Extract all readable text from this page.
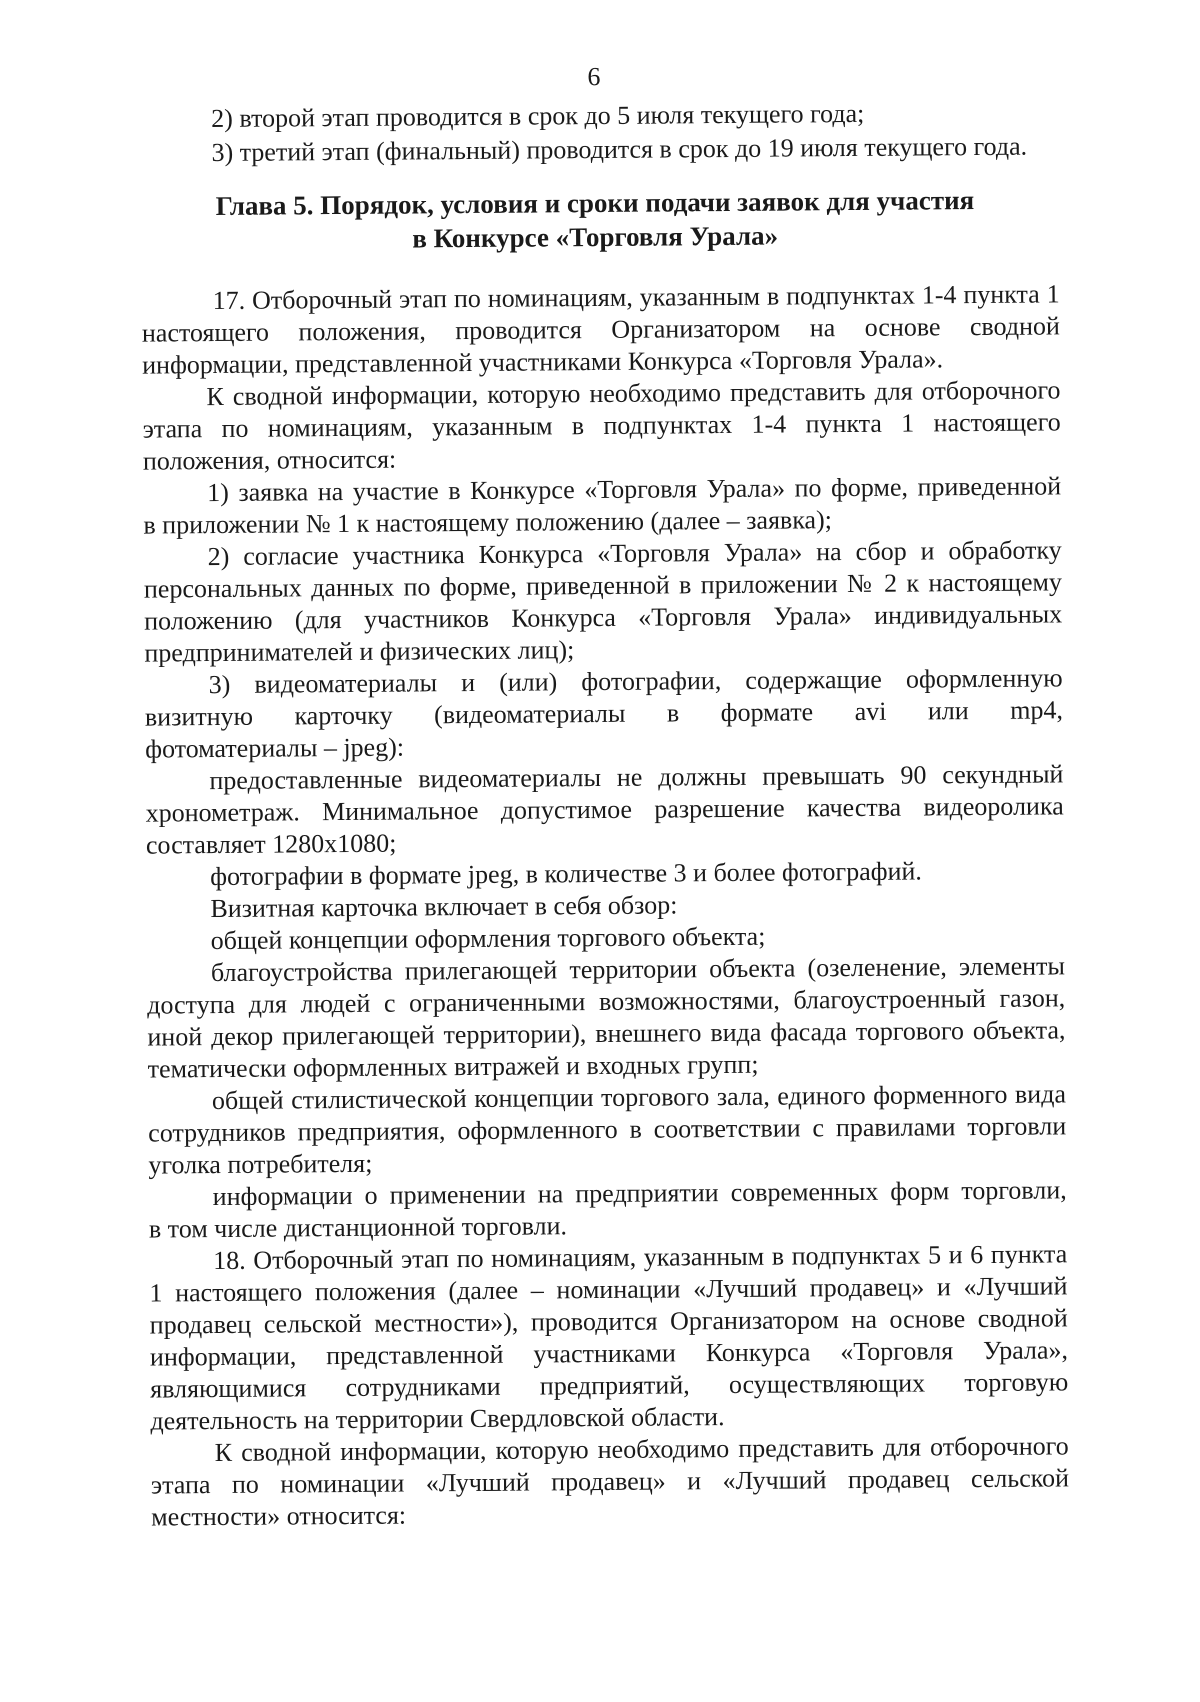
6
2) второй этап проводится в срок до 5 июля текущего года;
3) третий этап (финальный) проводится в срок до 19 июля текущего года.
Глава 5. Порядок, условия и сроки подачи заявок для участия
в Конкурсе «Торговля Урала»
17. Отборочный этап по номинациям, указанным в подпунктах 1-4 пункта 1
настоящего положения, проводится Организатором на основе сводной
информации, представленной участниками Конкурса «Торговля Урала».
К сводной информации, которую необходимо представить для отборочного
этапа по номинациям, указанным в подпунктах 1-4 пункта 1 настоящего
положения, относится:
1) заявка на участие в Конкурсе «Торговля Урала» по форме, приведенной
в приложении № 1 к настоящему положению (далее – заявка);
2) согласие участника Конкурса «Торговля Урала» на сбор и обработку
персональных данных по форме, приведенной в приложении № 2 к настоящему
положению (для участников Конкурса «Торговля Урала» индивидуальных
предпринимателей и физических лиц);
3) видеоматериалы и (или) фотографии, содержащие оформленную
визитную карточку (видеоматериалы в формате avi или mp4,
фотоматериалы – jpeg):
предоставленные видеоматериалы не должны превышать 90 секундный
хронометраж. Минимальное допустимое разрешение качества видеоролика
составляет 1280х1080;
фотографии в формате jpeg, в количестве 3 и более фотографий.
Визитная карточка включает в себя обзор:
общей концепции оформления торгового объекта;
благоустройства прилегающей территории объекта (озеленение, элементы
доступа для людей с ограниченными возможностями, благоустроенный газон,
иной декор прилегающей территории), внешнего вида фасада торгового объекта,
тематически оформленных витражей и входных групп;
общей стилистической концепции торгового зала, единого форменного вида
сотрудников предприятия, оформленного в соответствии с правилами торговли
уголка потребителя;
информации о применении на предприятии современных форм торговли,
в том числе дистанционной торговли.
18. Отборочный этап по номинациям, указанным в подпунктах 5 и 6 пункта
1 настоящего положения (далее – номинации «Лучший продавец» и «Лучший
продавец сельской местности»), проводится Организатором на основе сводной
информации, представленной участниками Конкурса «Торговля Урала»,
являющимися сотрудниками предприятий, осуществляющих торговую
деятельность на территории Свердловской области.
К сводной информации, которую необходимо представить для отборочного
этапа по номинации «Лучший продавец» и «Лучший продавец сельской
местности» относится:
